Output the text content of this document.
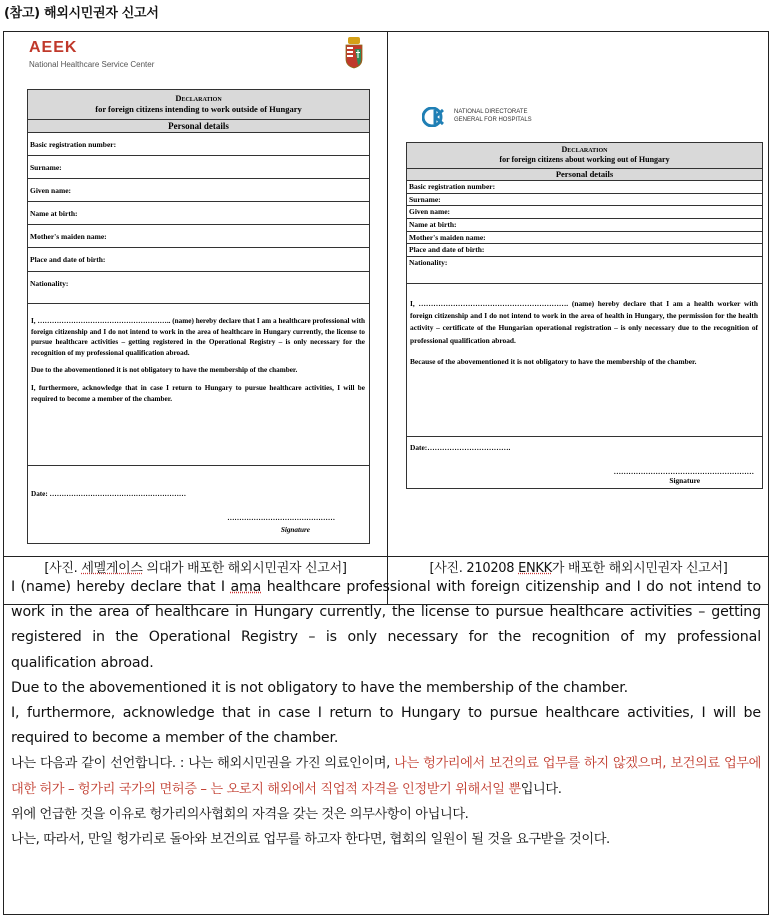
(참고) 해외시민권자 신고서
AEEK
National Healthcare Service Center
Declaration
for foreign citizens intending to work outside of Hungary
Personal details
Basic registration number:
Surname:
Given name:
Name at birth:
Mother's maiden name:
Place and date of birth:
Nationality:
I, ……………………………………………….. (name) hereby declare that I am a healthcare professional with foreign citizenship and I do not intend to work in the area of healthcare in Hungary currently, the license to pursue healthcare activities – getting registered in the Operational Registry – is only necessary for the recognition of my professional qualification abroad.
Due to the abovementioned it is not obligatory to have the membership of the chamber.
I, furthermore, acknowledge that in case I return to Hungary to pursue healthcare activities, I will be required to become a member of the chamber.
Date: …………………………………………………
………………………………………
Signature
NATIONAL DIRECTORATE
GENERAL FOR HOSPITALS
Declaration
for foreign citizens about working out of Hungary
Personal details
Basic registration number:
Surname:
Given name:
Name at birth:
Mother's maiden name:
Place and date of birth:
Nationality:
I, ……………………………………………………. (name) hereby declare that I am a health worker with foreign citizenship and I do not intend to work in the area of health in Hungary, the permission for the health activity – certificate of the Hungarian operational registration – is only necessary due to the recognition of professional qualification abroad.
Because of the abovementioned it is not obligatory to have the membership of the chamber.
Date:…………………………….
…………………………………………………
Signature
[사진. 세멜게이스 의대가 배포한 해외시민권자 신고서]	[사진. 210208 ENKK가 배포한 해외시민권자 신고서]

I (name) hereby declare that I ama healthcare professional with foreign citizenship and I do not intend to work in the area of healthcare in Hungary currently, the license to pursue healthcare activities – getting registered in the Operational Registry – is only necessary for the recognition of my professional qualification abroad.

Due to the abovementioned it is not obligatory to have the membership of the chamber.

I, furthermore, acknowledge that in case I return to Hungary to pursue healthcare activities, I will be required to become a member of the chamber.

나는 다음과 같이 선언합니다. : 나는 해외시민권을 가진 의료인이며, 나는 헝가리에서 보건의료 업무를 하지 않겠으며, 보건의료 업무에 대한 허가 – 헝가리 국가의 면허증 – 는 오로지 해외에서 직업적 자격을 인정받기 위해서일 뿐입니다.

위에 언급한 것을 이유로 헝가리의사협회의 자격을 갖는 것은 의무사항이 아닙니다.

나는, 따라서, 만일 헝가리로 돌아와 보건의료 업무를 하고자 한다면, 협회의 일원이 될 것을 요구받을 것이다.
